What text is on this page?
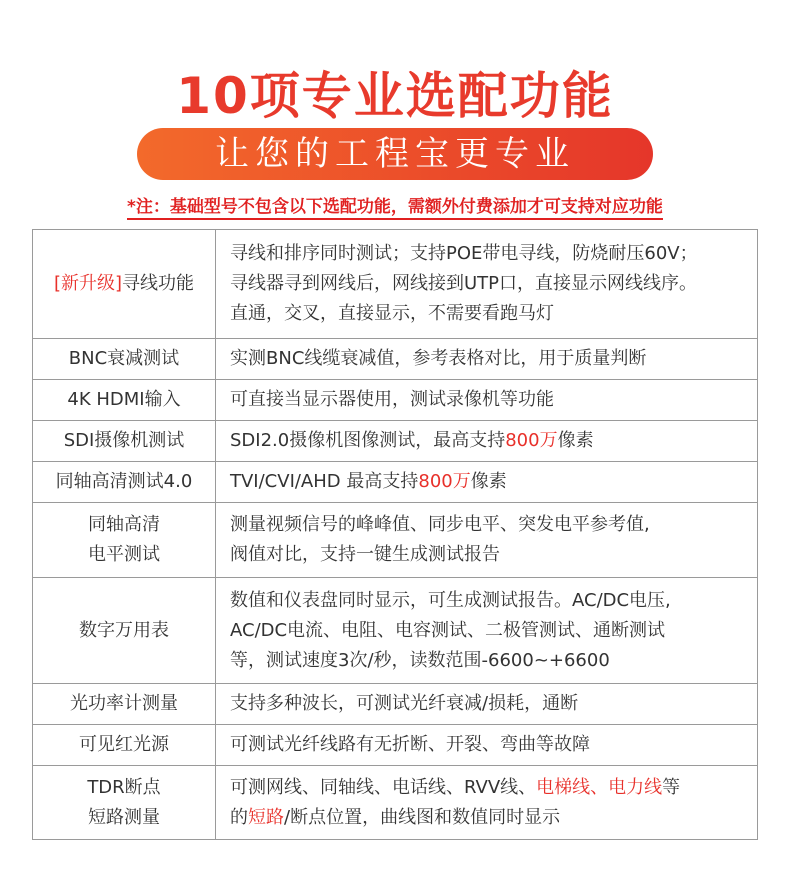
10项专业选配功能
让您的工程宝更专业
*注：基础型号不包含以下选配功能，需额外付费添加才可支持对应功能
[新升级]寻线功能	寻线和排序同时测试；支持POE带电寻线，防烧耐压60V；
寻线器寻到网线后，网线接到UTP口，直接显示网线线序。
直通，交叉，直接显示，不需要看跑马灯

BNC衰减测试	实测BNC线缆衰减值，参考表格对比，用于质量判断
4K HDMI输入	可直接当显示器使用，测试录像机等功能
SDI摄像机测试	SDI2.0摄像机图像测试，最高支持800万像素
同轴高清测试4.0	TVI/CVI/AHD 最高支持800万像素

同轴高清
电平测试	测量视频信号的峰峰值、同步电平、突发电平参考值,
阀值对比，支持一键生成测试报告

数字万用表	数值和仪表盘同时显示，可生成测试报告。AC/DC电压,
AC/DC电流、电阻、电容测试、二极管测试、通断测试
等，测试速度3次/秒，读数范围-6600~+6600

光功率计测量	支持多种波长，可测试光纤衰减/损耗，通断
可见红光源	可测试光纤线路有无折断、开裂、弯曲等故障

TDR断点
短路测量	可测网线、同轴线、电话线、RVV线、电梯线、电力线等
的短路/断点位置，曲线图和数值同时显示
